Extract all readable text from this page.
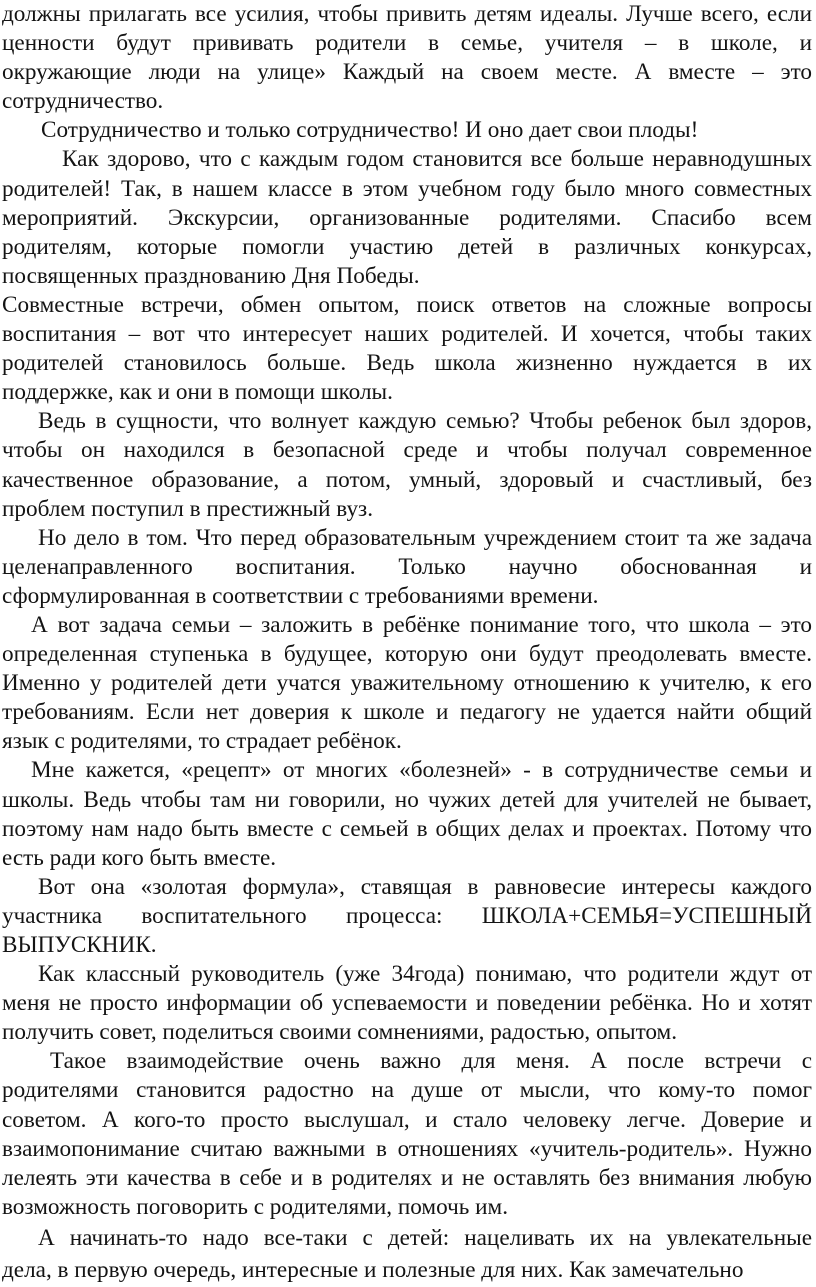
должны прилагать все усилия, чтобы привить детям идеалы. Лучше всего, если
ценности будут прививать родители в семье, учителя – в школе, и
окружающие люди на улице» Каждый на своем месте. А вместе – это
сотрудничество.
Сотрудничество и только сотрудничество! И оно дает свои плоды!
Как здорово, что с каждым годом становится все больше неравнодушных
родителей! Так, в нашем классе в этом учебном году было много совместных
мероприятий. Экскурсии, организованные родителями. Спасибо всем
родителям, которые помогли участию детей в различных конкурсах,
посвященных празднованию Дня Победы.
Совместные встречи, обмен опытом, поиск ответов на сложные вопросы
воспитания – вот что интересует наших родителей. И хочется, чтобы таких
родителей становилось больше. Ведь школа жизненно нуждается в их
поддержке, как и они в помощи школы.
Ведь в сущности, что волнует каждую семью? Чтобы ребенок был здоров,
чтобы он находился в безопасной среде и чтобы получал современное
качественное образование, а потом, умный, здоровый и счастливый, без
проблем поступил в престижный вуз.
Но дело в том. Что перед образовательным учреждением стоит та же задача
целенаправленного воспитания. Только научно обоснованная и
сформулированная в соответствии с требованиями времени.
А вот задача семьи – заложить в ребёнке понимание того, что школа – это
определенная ступенька в будущее, которую они будут преодолевать вместе.
Именно у родителей дети учатся уважительному отношению к учителю, к его
требованиям. Если нет доверия к школе и педагогу не удается найти общий
язык с родителями, то страдает ребёнок.
Мне кажется, «рецепт» от многих «болезней» - в сотрудничестве семьи и
школы. Ведь чтобы там ни говорили, но чужих детей для учителей не бывает,
поэтому нам надо быть вместе с семьей в общих делах и проектах. Потому что
есть ради кого быть вместе.
Вот она «золотая формула», ставящая в равновесие интересы каждого
участника воспитательного процесса: ШКОЛА+СЕМЬЯ=УСПЕШНЫЙ
ВЫПУСКНИК.
Как классный руководитель (уже 34года) понимаю, что родители ждут от
меня не просто информации об успеваемости и поведении ребёнка. Но и хотят
получить совет, поделиться своими сомнениями, радостью, опытом.
Такое взаимодействие очень важно для меня. А после встречи с
родителями становится радостно на душе от мысли, что кому-то помог
советом. А кого-то просто выслушал, и стало человеку легче. Доверие и
взаимопонимание считаю важными в отношениях «учитель-родитель». Нужно
лелеять эти качества в себе и в родителях и не оставлять без внимания любую
возможность поговорить с родителями, помочь им.
А начинать-то надо все-таки с детей: нацеливать их на увлекательные
дела, в первую очередь, интересные и полезные для них. Как замечательно
